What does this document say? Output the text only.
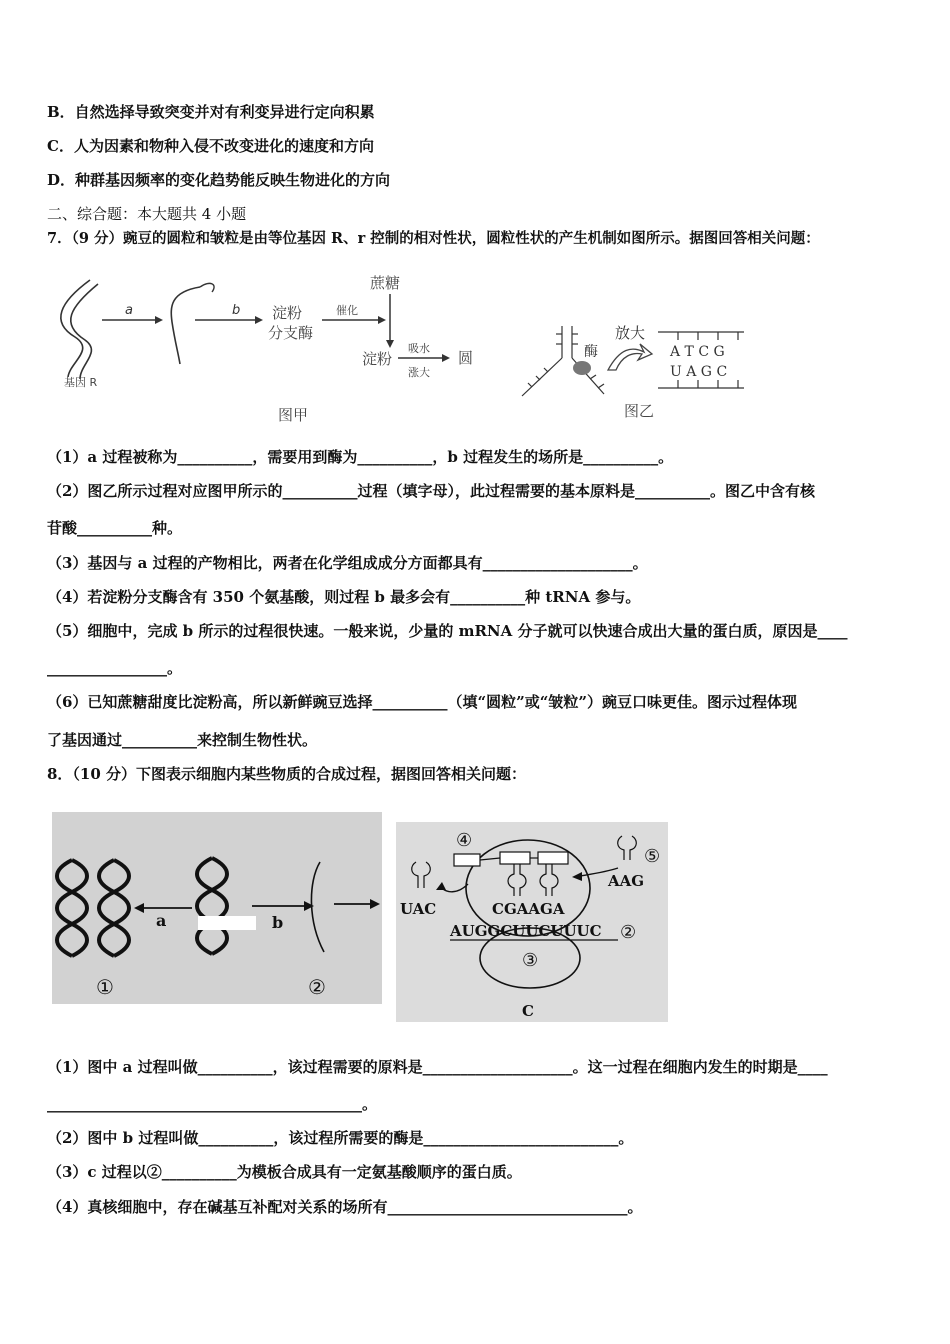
B．自然选择导致突变并对有利变异进行定向积累
C．人为因素和物种入侵不改变进化的速度和方向
D．种群基因频率的变化趋势能反映生物进化的方向
二、综合题：本大题共 4 小题
7．（9 分）豌豆的圆粒和皱粒是由等位基因 R、r 控制的相对性状，圆粒性状的产生机制如图所示。据图回答相关问题：
基因 R
a	b 淀粉
分支酶
催化
蔗糖
淀粉
吸水
涨大
圆
图甲
酶
放大
A T C G
U A G C
图乙
（1）a 过程被称为__________，需要用到酶为__________，b 过程发生的场所是__________。
（2）图乙所示过程对应图甲所示的__________过程（填字母），此过程需要的基本原料是__________。图乙中含有核
苷酸__________种。
（3）基因与 a 过程的产物相比，两者在化学组成成分方面都具有____________________。
（4）若淀粉分支酶含有 350 个氨基酸，则过程 b 最多会有__________种 tRNA 参与。
（5）细胞中，完成 b 所示的过程很快速。一般来说，少量的 mRNA 分子就可以快速合成出大量的蛋白质，原因是____
________________。
（6）已知蔗糖甜度比淀粉高，所以新鲜豌豆选择__________（填“圆粒”或“皱粒”）豌豆口味更佳。图示过程体现
了基因通过__________来控制生物性状。
8．（10 分）下图表示细胞内某些物质的合成过程，据图回答相关问题：
a	b
①	②
④
⑤
UAC
AAG
CGAAGA
AUGGCUUCUUUC ②
③
C
（1）图中 a 过程叫做__________，该过程需要的原料是____________________。这一过程在细胞内发生的时期是____
__________________________________________。
（2）图中 b 过程叫做__________，该过程所需要的酶是__________________________。
（3）c 过程以②__________为模板合成具有一定氨基酸顺序的蛋白质。
（4）真核细胞中，存在碱基互补配对关系的场所有________________________________。
